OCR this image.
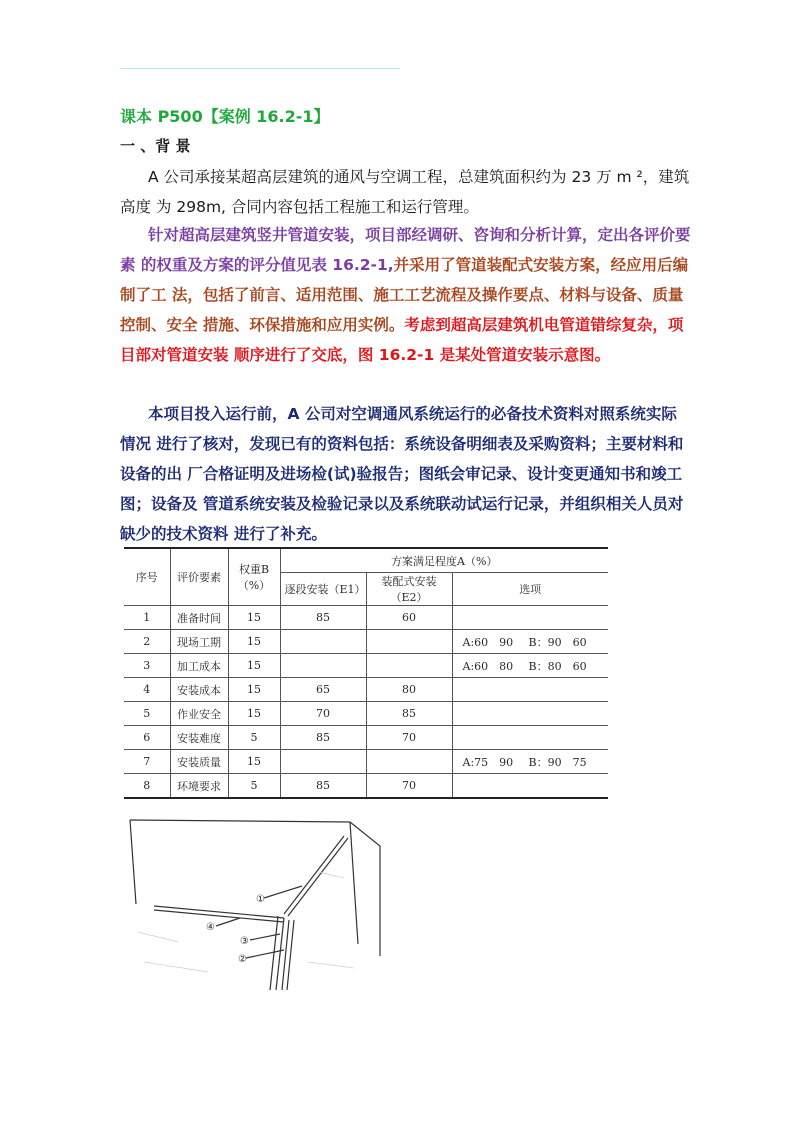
课本 P500【案例 16.2-1】
一 、背 景

A 公司承接某超高层建筑的通风与空调工程，总建筑面积约为 23 万 m ²，建筑高度 为 298m, 合同内容包括工程施工和运行管理。

针对超高层建筑竖井管道安装，项目部经调研、咨询和分析计算，定出各评价要素 的权重及方案的评分值见表 16.2-1,并采用了管道装配式安装方案，经应用后编制了工 法，包括了前言、适用范围、施工工艺流程及操作要点、材料与设备、质量控制、安全 措施、环保措施和应用实例。考虑到超高层建筑机电管道错综复杂，项目部对管道安装 顺序进行了交底，图 16.2-1 是某处管道安装示意图。

本项目投入运行前，A 公司对空调通风系统运行的必备技术资料对照系统实际情况 进行了核对，发现已有的资料包括：系统设备明细表及采购资料；主要材料和设备的出 厂合格证明及进场检(试)验报告；图纸会审记录、设计变更通知书和竣工图；设备及 管道系统安装及检验记录以及系统联动试运行记录，并组织相关人员对缺少的技术资料 进行了补充。

序号	评价要素	权重B
（%）	方案满足程度A（%）		
			逐段安装（E1）	装配式安装（E2）	选项
1	准备时间	15	85	60	
2	现场工期	15			A:60　90 B：90　60
3	加工成本	15			A:60　80 B：80　60
4	安装成本	15	65	80	
5	作业安全	15	70	85	
6	安装难度	5	85	70	
7	安装质量	15			A:75　90 B：90　75
8	环境要求	5	85	70	
①
②
③
④
